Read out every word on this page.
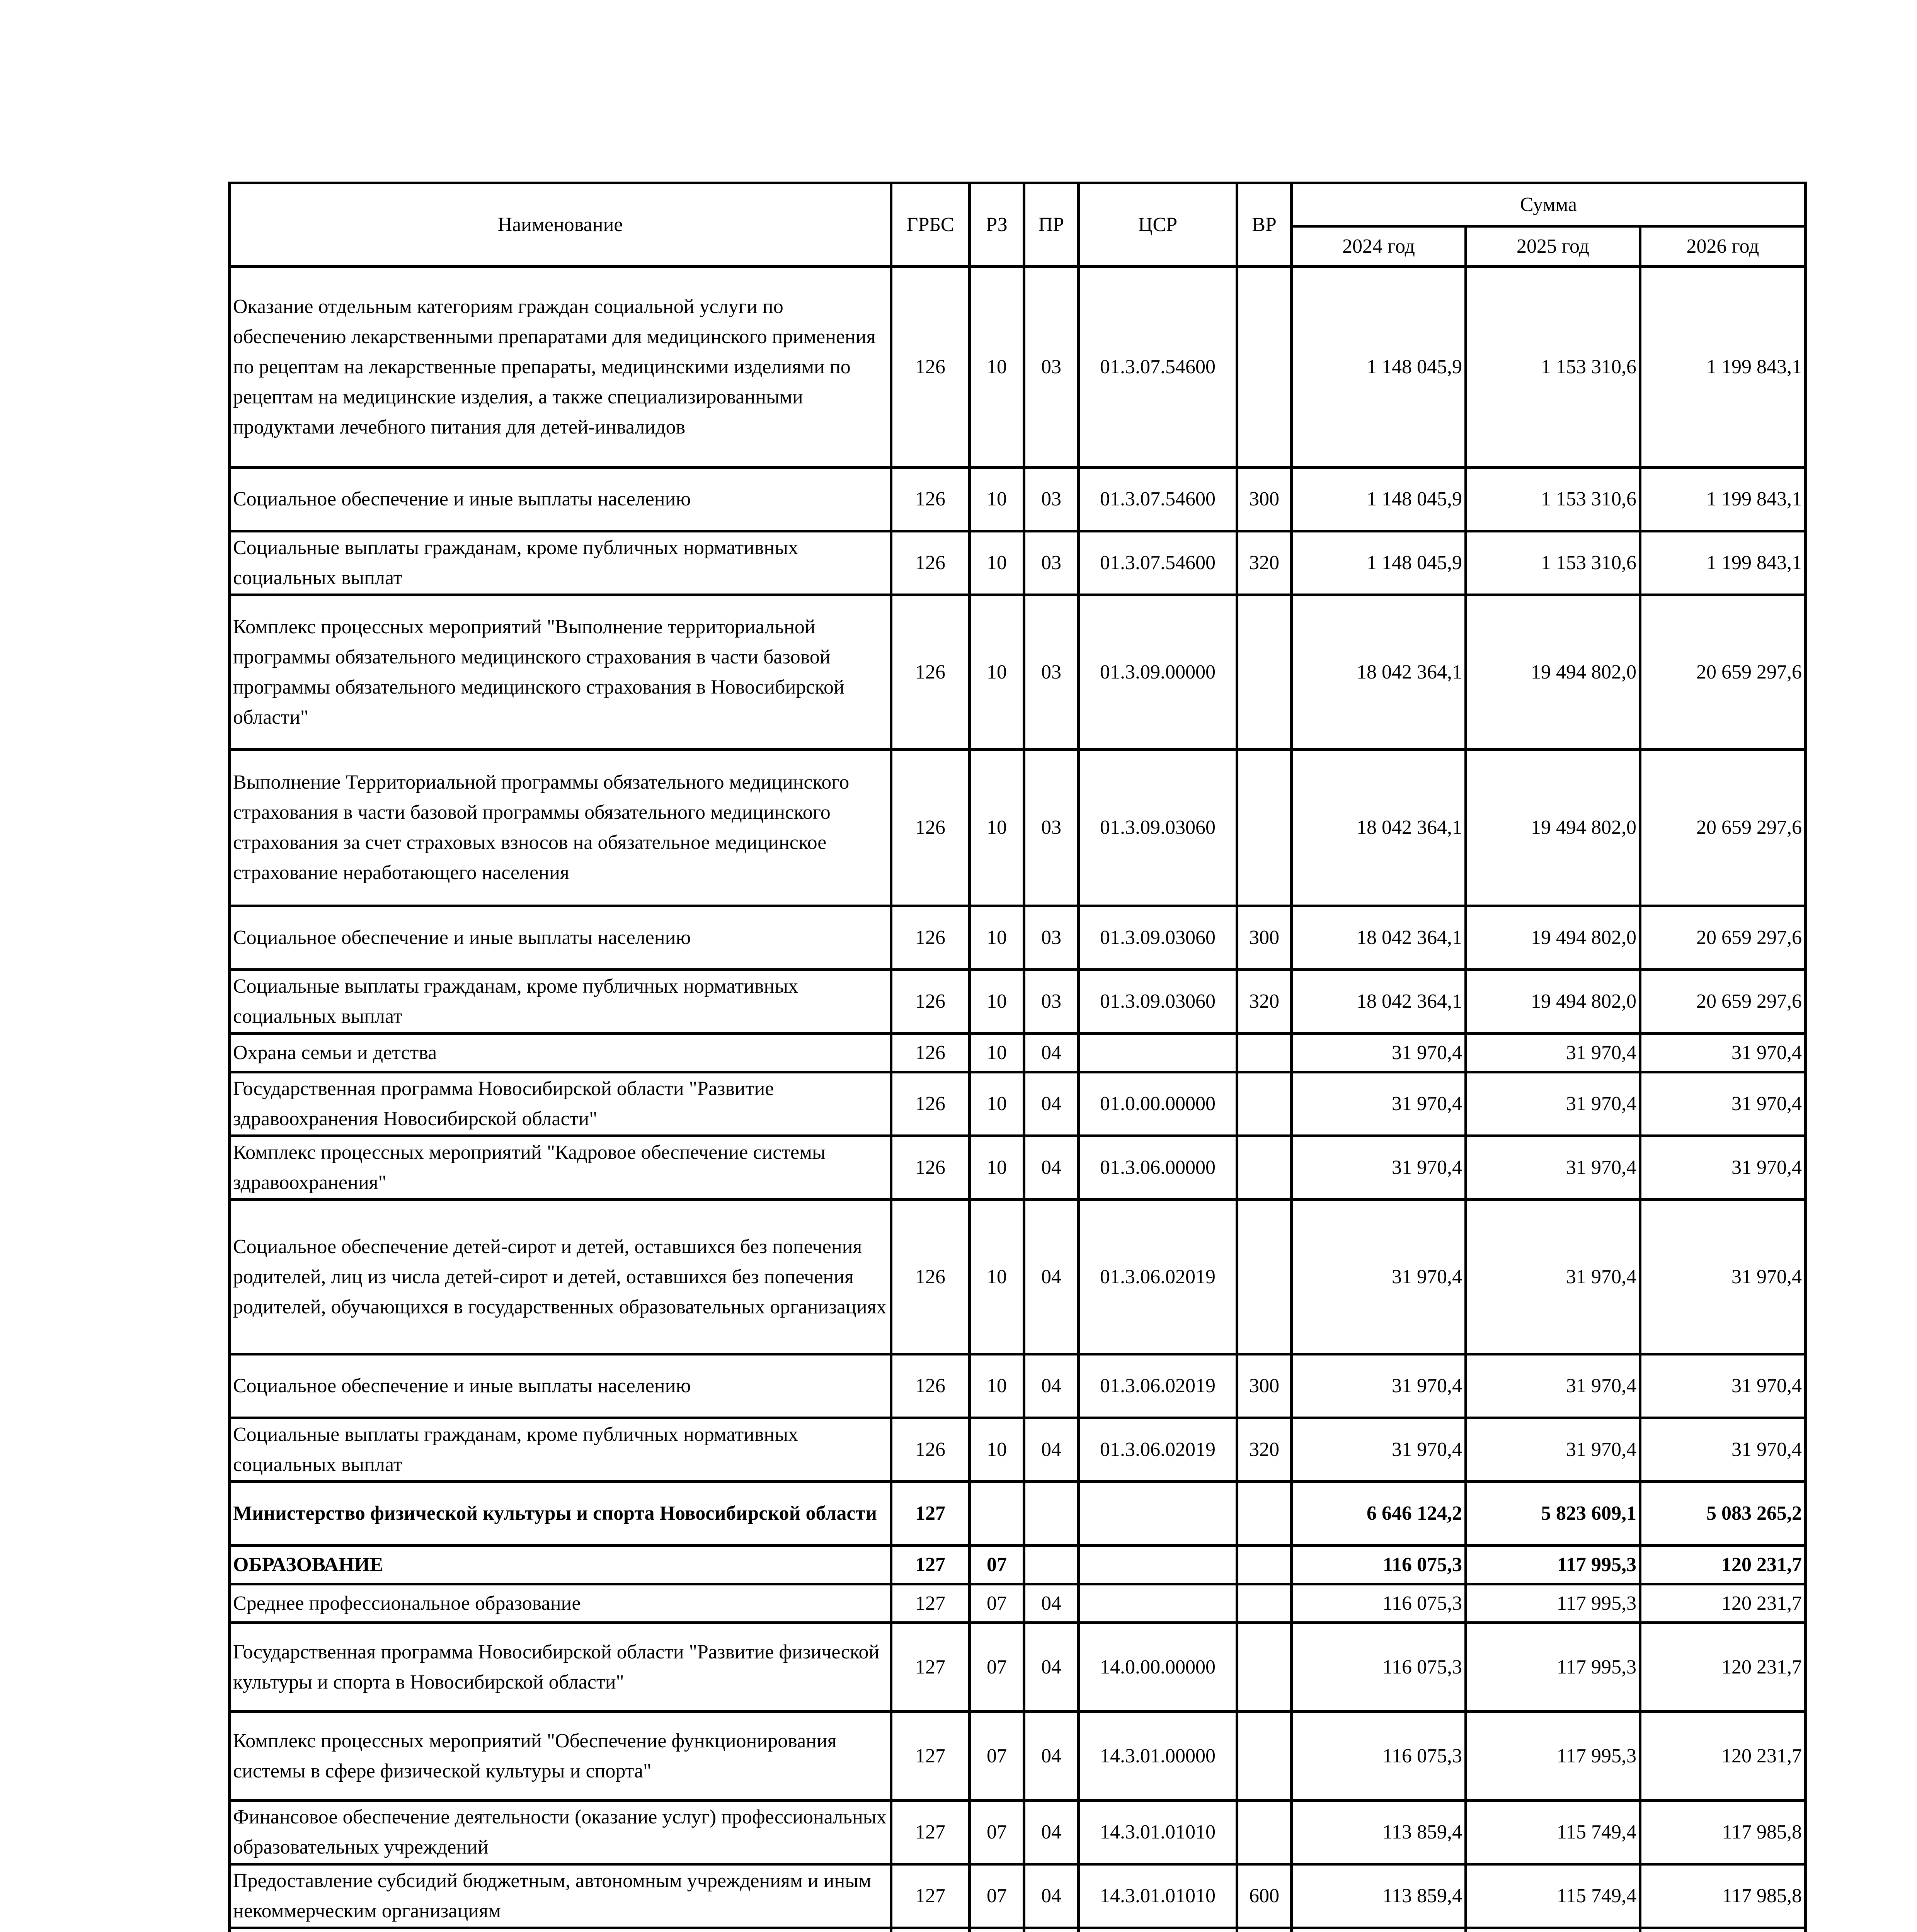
Наименование	ГРБС	РЗ	ПР	ЦСР	ВР	Сумма		
						2024 год	2025 год	2026 год
Оказание отдельным категориям граждан социальной услуги по обеспечению лекарственными препаратами для медицинского применения по рецептам на лекарственные препараты, медицинскими изделиями по рецептам на медицинские изделия, а также специализированными продуктами лечебного питания для детей-инвалидов	126	10	03	01.3.07.54600		1 148 045,9	1 153 310,6	1 199 843,1
Социальное обеспечение и иные выплаты населению	126	10	03	01.3.07.54600	300	1 148 045,9	1 153 310,6	1 199 843,1
Социальные выплаты гражданам, кроме публичных нормативных социальных выплат	126	10	03	01.3.07.54600	320	1 148 045,9	1 153 310,6	1 199 843,1
Комплекс процессных мероприятий "Выполнение территориальной программы обязательного медицинского страхования в части базовой программы обязательного медицинского страхования в Новосибирской области"	126	10	03	01.3.09.00000		18 042 364,1	19 494 802,0	20 659 297,6
Выполнение Территориальной программы обязательного медицинского страхования в части базовой программы обязательного медицинского страхования за счет страховых взносов на обязательное медицинское страхование неработающего населения	126	10	03	01.3.09.03060		18 042 364,1	19 494 802,0	20 659 297,6
Социальное обеспечение и иные выплаты населению	126	10	03	01.3.09.03060	300	18 042 364,1	19 494 802,0	20 659 297,6
Социальные выплаты гражданам, кроме публичных нормативных социальных выплат	126	10	03	01.3.09.03060	320	18 042 364,1	19 494 802,0	20 659 297,6
Охрана семьи и детства	126	10	04			31 970,4	31 970,4	31 970,4
Государственная программа Новосибирской области "Развитие здравоохранения Новосибирской области"	126	10	04	01.0.00.00000		31 970,4	31 970,4	31 970,4
Комплекс процессных мероприятий "Кадровое обеспечение системы здравоохранения"	126	10	04	01.3.06.00000		31 970,4	31 970,4	31 970,4
Социальное обеспечение детей-сирот и детей, оставшихся без попечения родителей, лиц из числа детей-сирот и детей, оставшихся без попечения родителей, обучающихся в государственных образовательных организациях	126	10	04	01.3.06.02019		31 970,4	31 970,4	31 970,4
Социальное обеспечение и иные выплаты населению	126	10	04	01.3.06.02019	300	31 970,4	31 970,4	31 970,4
Социальные выплаты гражданам, кроме публичных нормативных социальных выплат	126	10	04	01.3.06.02019	320	31 970,4	31 970,4	31 970,4
Министерство физической культуры и спорта Новосибирской области	127					6 646 124,2	5 823 609,1	5 083 265,2
ОБРАЗОВАНИЕ	127	07				116 075,3	117 995,3	120 231,7
Среднее профессиональное образование	127	07	04			116 075,3	117 995,3	120 231,7
Государственная программа Новосибирской области "Развитие физической культуры и спорта в Новосибирской области"	127	07	04	14.0.00.00000		116 075,3	117 995,3	120 231,7
Комплекс процессных мероприятий "Обеспечение функционирования системы в сфере физической культуры и спорта"	127	07	04	14.3.01.00000		116 075,3	117 995,3	120 231,7
Финансовое обеспечение деятельности (оказание услуг) профессиональных образовательных учреждений	127	07	04	14.3.01.01010		113 859,4	115 749,4	117 985,8
Предоставление субсидий бюджетным, автономным учреждениям и иным некоммерческим организациям	127	07	04	14.3.01.01010	600	113 859,4	115 749,4	117 985,8
